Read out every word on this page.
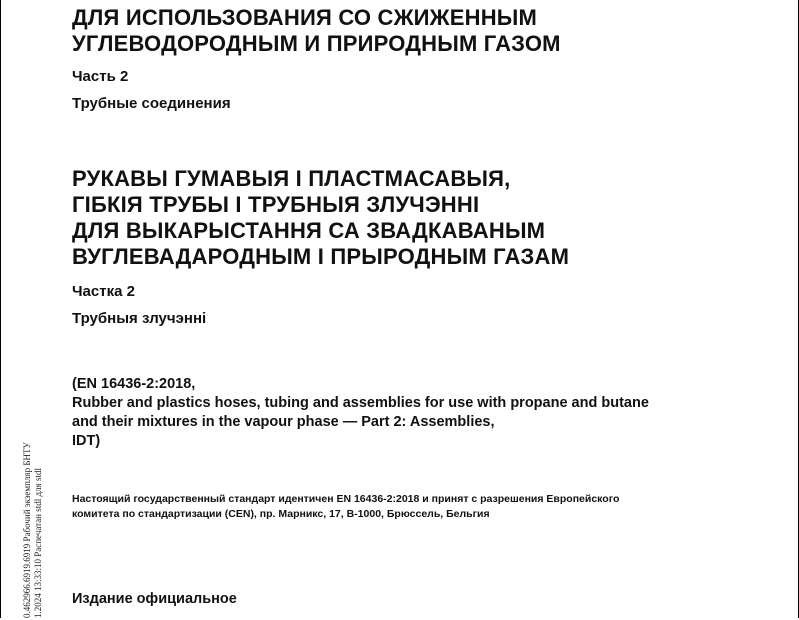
ДЛЯ ИСПОЛЬЗОВАНИЯ СО СЖИЖЕННЫМ
УГЛЕВОДОРОДНЫМ И ПРИРОДНЫМ ГАЗОМ
Часть 2
Трубные соединения
РУКАВЫ ГУМАВЫЯ І ПЛАСТМАСАВЫЯ,
ГІБКІЯ ТРУБЫ І ТРУБНЫЯ ЗЛУЧЭННІ
ДЛЯ ВЫКАРЫСТАННЯ СА ЗВАДКАВАНЫМ
ВУГЛЕВАДАРОДНЫМ І ПРЫРОДНЫМ ГАЗАМ
Частка 2
Трубныя злучэнні
(EN 16436-2:2018,
Rubber and plastics hoses, tubing and assemblies for use with propane and butane
and their mixtures in the vapour phase — Part 2: Assemblies,
IDT)
Настоящий государственный стандарт идентичен EN 16436-2:2018 и принят с разрешения Европейского
комитета по стандартизации (CEN), пр. Марникс, 17, B-1000, Брюссель, Бельгия
Издание официальное
0.462966.6919.6919 Рабочий экземпляр БНТУ 1.2024 13:33:10 Распечатан stdl для stdl
